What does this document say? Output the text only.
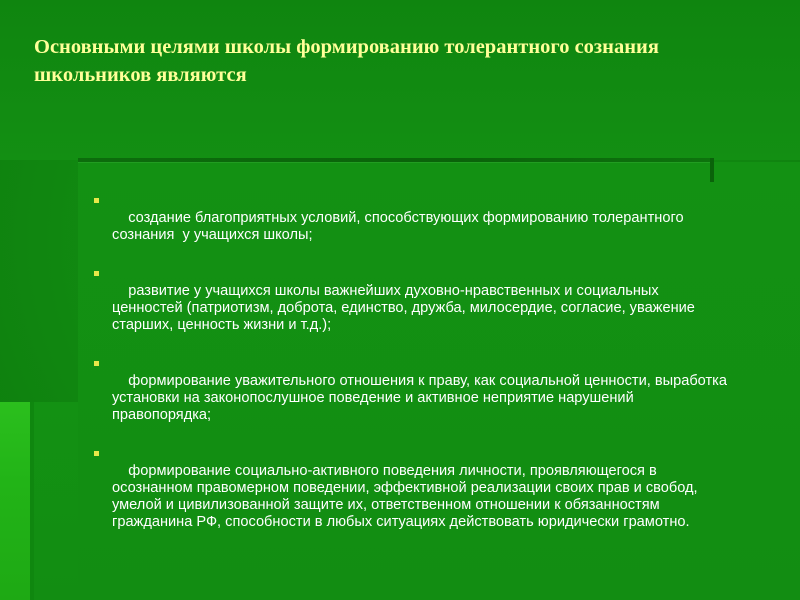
Основными целями школы формированию толерантного сознания  школьников являются

создание благоприятных условий, способствующих формированию толерантного сознания  у учащихся школы;

развитие у учащихся школы важнейших духовно-нравственных и социальных ценностей (патриотизм, доброта, единство, дружба, милосердие, согласие, уважение старших, ценность жизни и т.д.);

формирование уважительного отношения к праву, как социальной ценности, выработка установки на законопослушное поведение и активное неприятие нарушений правопорядка;

формирование социально-активного поведения личности, проявляющегося в осознанном правомерном поведении, эффективной реализации своих прав и свобод, умелой и цивилизованной защите их, ответственном отношении к обязанностям гражданина РФ, способности в любых ситуациях действовать юридически грамотно.
